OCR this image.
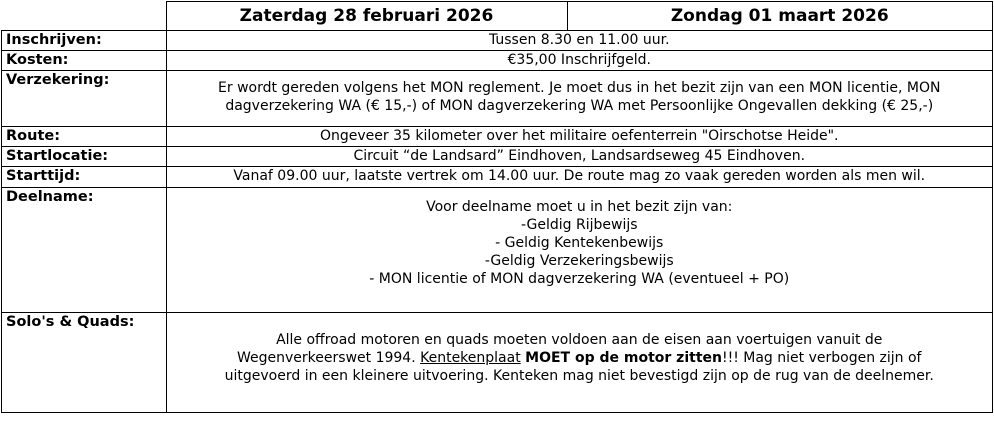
	Zaterdag 28 februari 2026	Zondag 01 maart 2026
Inschrijven:	Tussen 8.30 en 11.00 uur.	
Kosten:	€35,00 Inschrijfgeld.	
Verzekering:	Er wordt gereden volgens het MON reglement. Je moet dus in het bezit zijn van een MON licentie, MON
dagverzekering WA (€ 15,-) of MON dagverzekering WA met Persoonlijke Ongevallen dekking (€ 25,-)	

Route:	Ongeveer 35 kilometer over het militaire oefenterrein "Oirschotse Heide".	
Startlocatie:	Circuit “de Landsard” Eindhoven, Landsardseweg 45 Eindhoven.	
Starttijd:	Vanaf 09.00 uur, laatste vertrek om 14.00 uur. De route mag zo vaak gereden worden als men wil.	
Deelname:	Voor deelname moet u in het bezit zijn van:
-Geldig Rijbewijs
- Geldig Kentekenbewijs
-Geldig Verzekeringsbewijs
- MON licentie of MON dagverzekering WA (eventueel + PO)	

Solo's & Quads:	Alle offroad motoren en quads moeten voldoen aan de eisen aan voertuigen vanuit de
Wegenverkeerswet 1994. Kentekenplaat MOET op de motor zitten!!! Mag niet verbogen zijn of
uitgevoerd in een kleinere uitvoering. Kenteken mag niet bevestigd zijn op de rug van de deelnemer.	
